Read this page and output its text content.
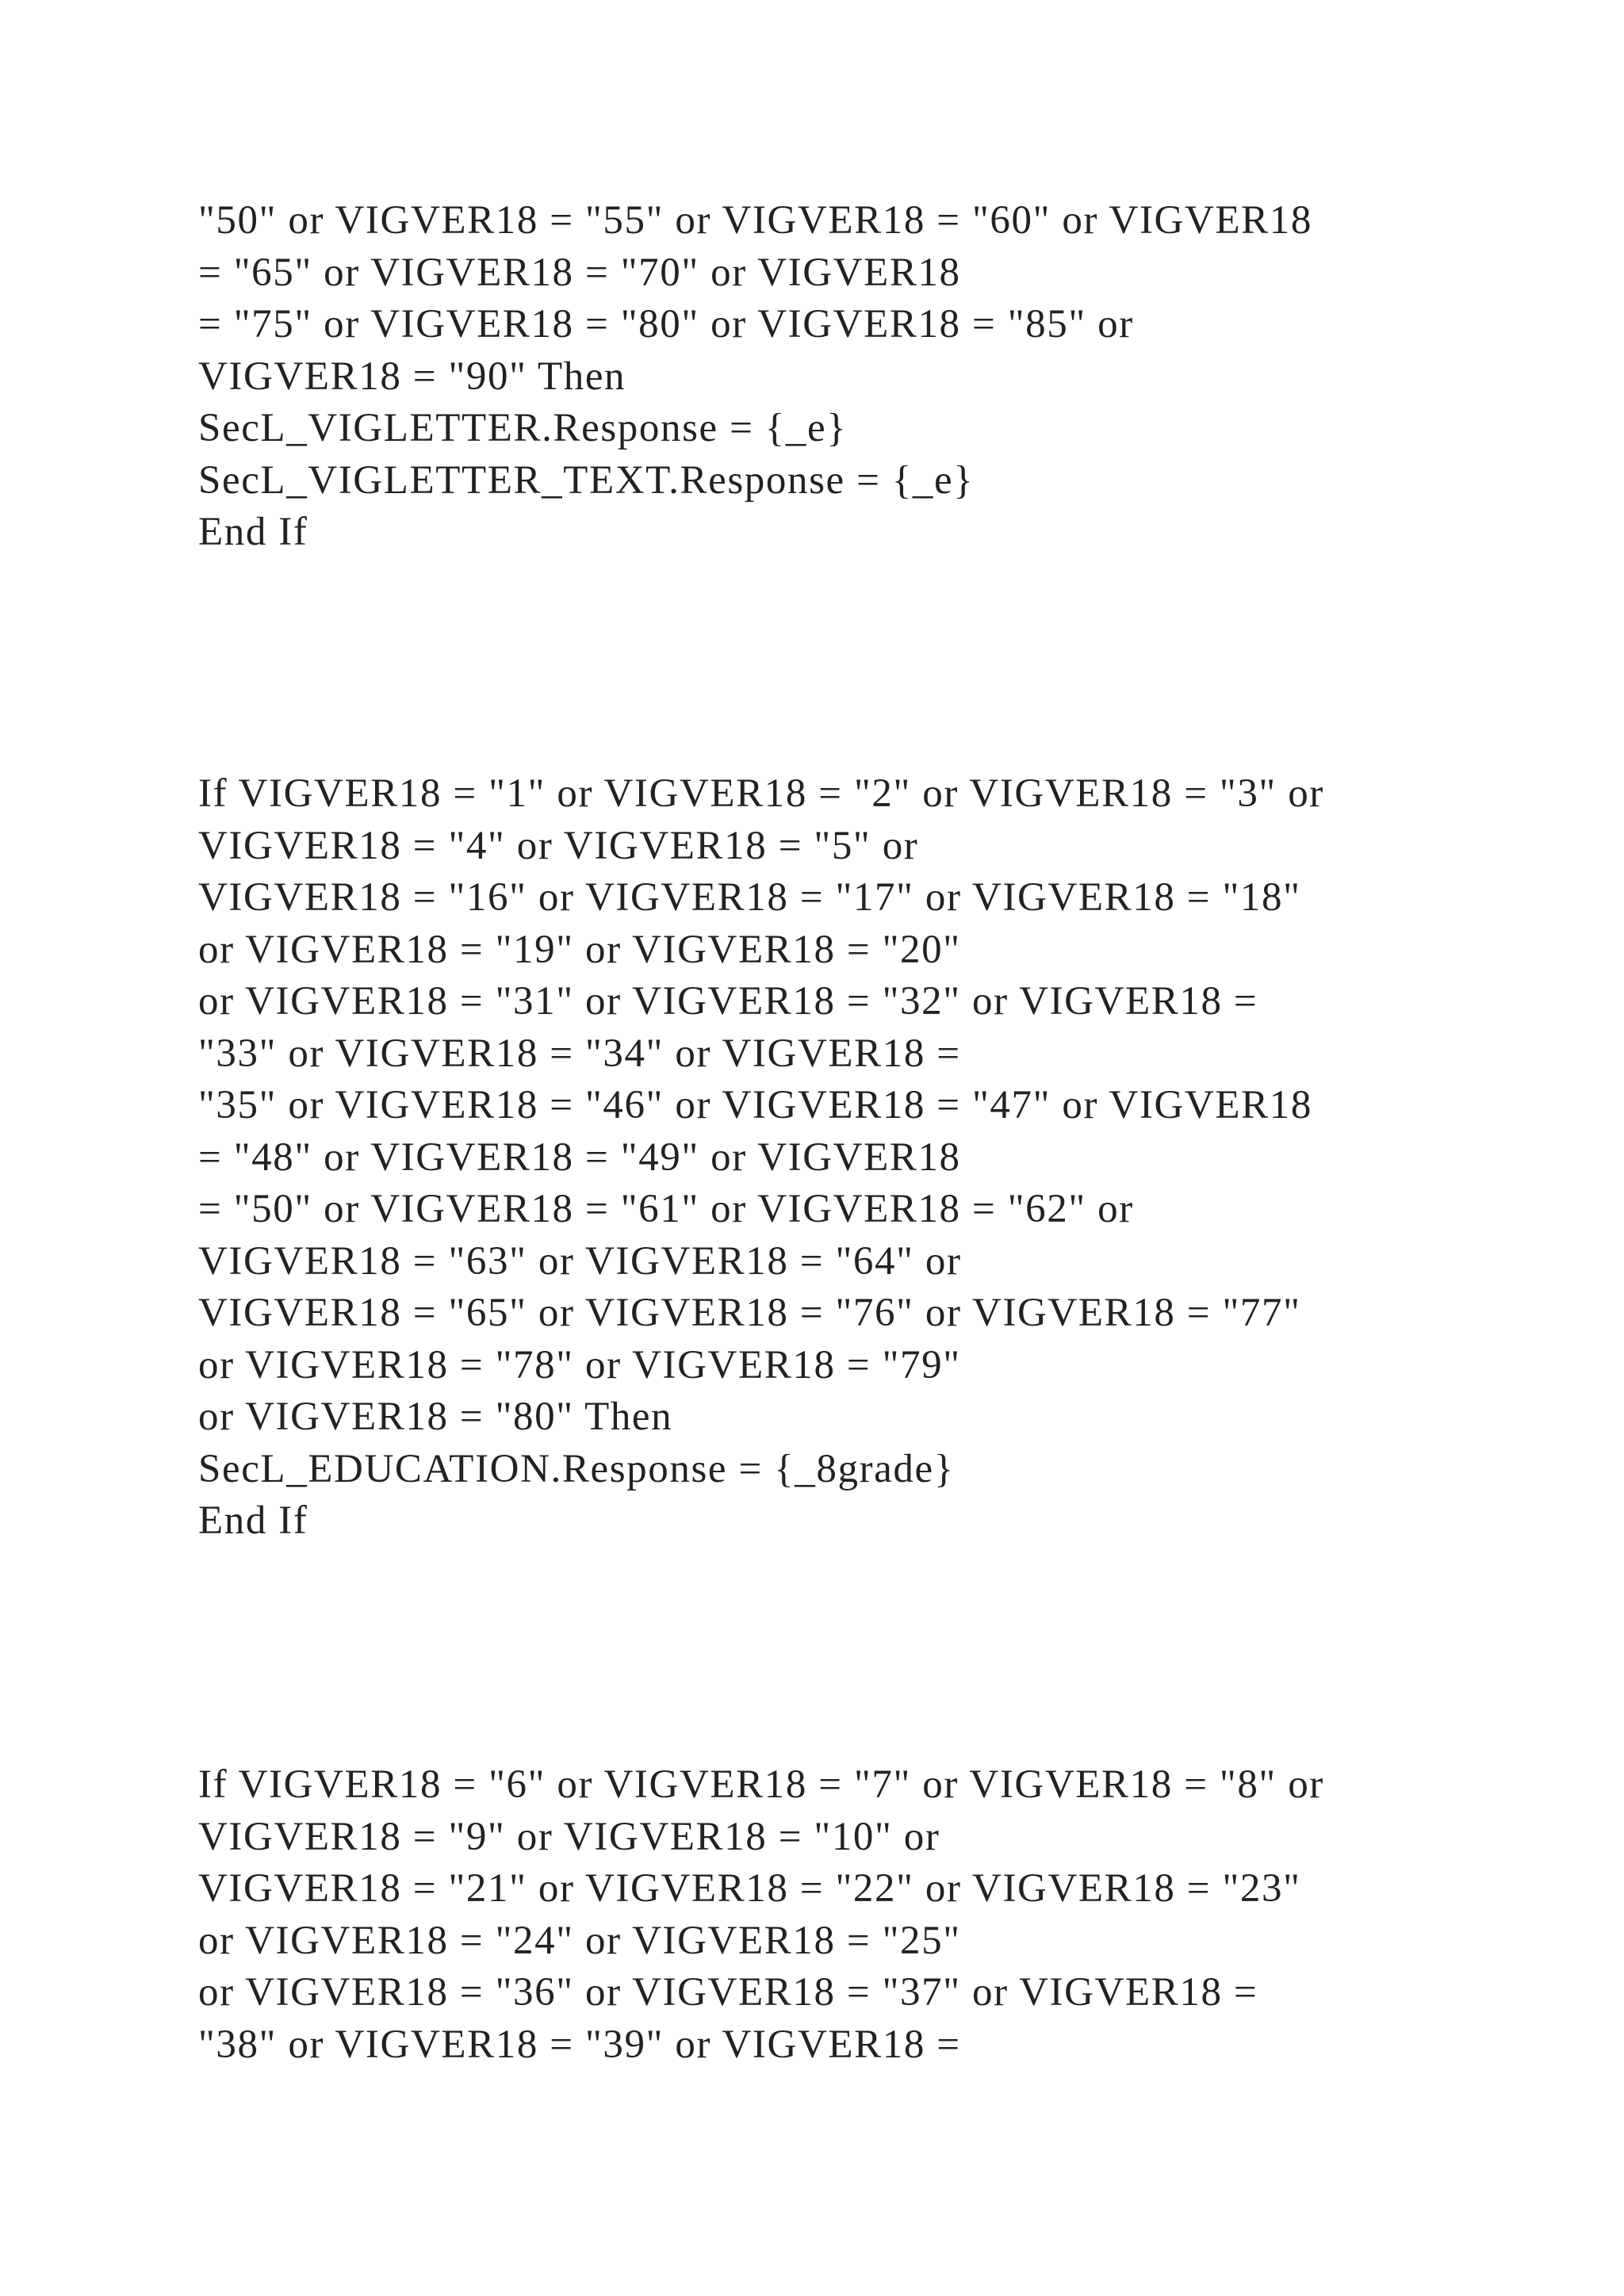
"50" or VIGVER18 = "55" or VIGVER18 = "60" or VIGVER18
= "65" or VIGVER18 = "70" or VIGVER18
= "75" or VIGVER18 = "80" or VIGVER18 = "85" or
VIGVER18 = "90" Then
SecL_VIGLETTER.Response = {_e}
SecL_VIGLETTER_TEXT.Response = {_e}
End If
If VIGVER18 = "1" or VIGVER18 = "2" or VIGVER18 = "3" or
VIGVER18 = "4" or VIGVER18 = "5" or
VIGVER18 = "16" or VIGVER18 = "17" or VIGVER18 = "18"
or VIGVER18 = "19" or VIGVER18 = "20"
or VIGVER18 = "31" or VIGVER18 = "32" or VIGVER18 =
"33" or VIGVER18 = "34" or VIGVER18 =
"35" or VIGVER18 = "46" or VIGVER18 = "47" or VIGVER18
= "48" or VIGVER18 = "49" or VIGVER18
= "50" or VIGVER18 = "61" or VIGVER18 = "62" or
VIGVER18 = "63" or VIGVER18 = "64" or
VIGVER18 = "65" or VIGVER18 = "76" or VIGVER18 = "77"
or VIGVER18 = "78" or VIGVER18 = "79"
or VIGVER18 = "80" Then
SecL_EDUCATION.Response = {_8grade}
End If
If VIGVER18 = "6" or VIGVER18 = "7" or VIGVER18 = "8" or
VIGVER18 = "9" or VIGVER18 = "10" or
VIGVER18 = "21" or VIGVER18 = "22" or VIGVER18 = "23"
or VIGVER18 = "24" or VIGVER18 = "25"
or VIGVER18 = "36" or VIGVER18 = "37" or VIGVER18 =
"38" or VIGVER18 = "39" or VIGVER18 =
